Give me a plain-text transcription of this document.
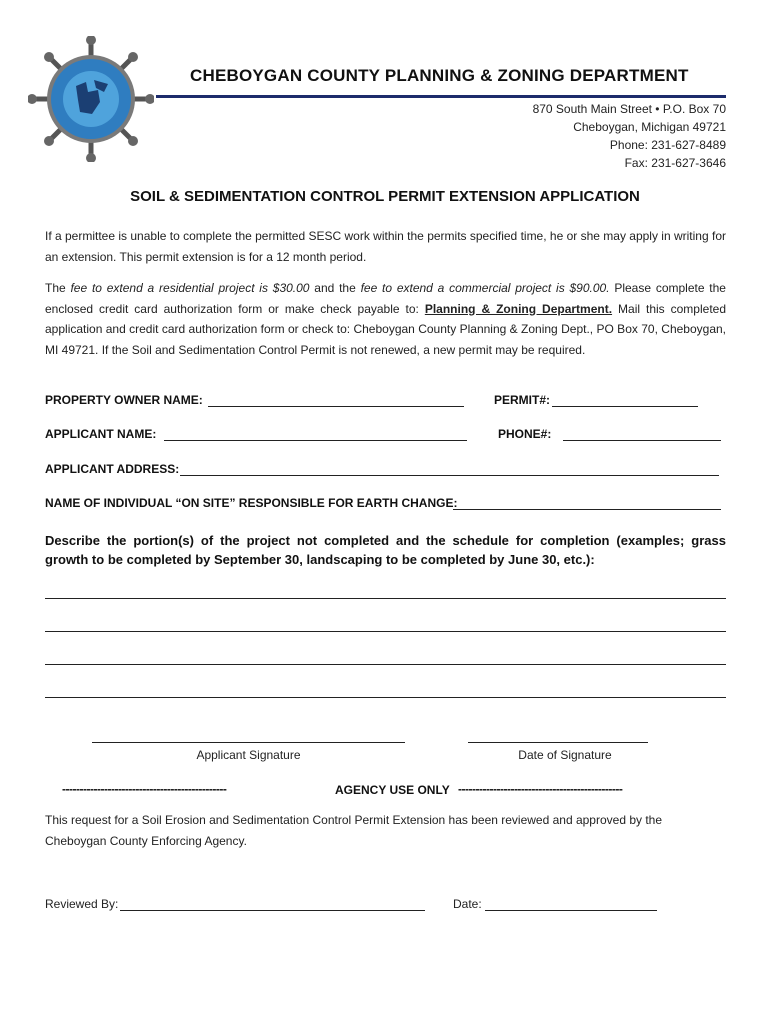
CHEBOYGAN COUNTY PLANNING & ZONING DEPARTMENT
870 South Main Street • P.O. Box 70
Cheboygan, Michigan 49721
Phone: 231-627-8489
Fax: 231-627-3646
SOIL & SEDIMENTATION CONTROL PERMIT EXTENSION APPLICATION
If a permittee is unable to complete the permitted SESC work within the permits specified time, he or she may apply in writing for an extension. This permit extension is for a 12 month period.
The fee to extend a residential project is $30.00 and the fee to extend a commercial project is $90.00. Please complete the enclosed credit card authorization form or make check payable to: Planning & Zoning Department. Mail this completed application and credit card authorization form or check to: Cheboygan County Planning & Zoning Dept., PO Box 70, Cheboygan, MI 49721. If the Soil and Sedimentation Control Permit is not renewed, a new permit may be required.
PROPERTY OWNER NAME:	PERMIT#:
APPLICANT NAME:	PHONE#:
APPLICANT ADDRESS:
NAME OF INDIVIDUAL “ON SITE” RESPONSIBLE FOR EARTH CHANGE:
Describe the portion(s) of the project not completed and the schedule for completion (examples; grass growth to be completed by September 30, landscaping to be completed by June 30, etc.):
Applicant Signature	Date of Signature
-----------------------------------------------	AGENCY USE ONLY -----------------------------------------------
This request for a Soil Erosion and Sedimentation Control Permit Extension has been reviewed and approved by the Cheboygan County Enforcing Agency.
Reviewed By:	Date:
